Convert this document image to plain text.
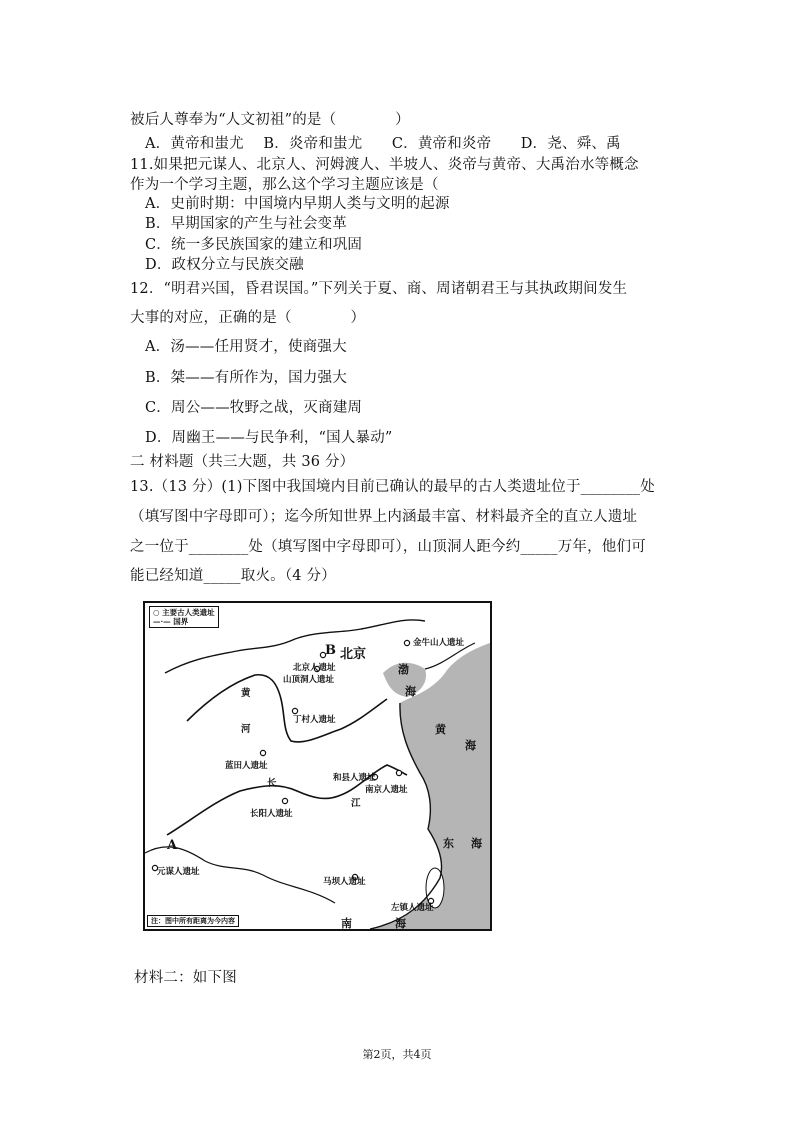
被后人尊奉为“人文初祖”的是（　　　　）
A．黄帝和蚩尤　 B．炎帝和蚩尤　　C．黄帝和炎帝　　D．尧、舜、禹
11.如果把元谋人、北京人、河姆渡人、半坡人、炎帝与黄帝、大禹治水等概念
作为一个学习主题，那么这个学习主题应该是（
A．史前时期：中国境内早期人类与文明的起源
B．早期国家的产生与社会变革
C．统一多民族国家的建立和巩固
D．政权分立与民族交融
12．“明君兴国，昏君误国。”下列关于夏、商、周诸朝君王与其执政期间发生
大事的对应，正确的是（　　　　）
A．汤——任用贤才，使商强大
B．桀——有所作为，国力强大
C．周公——牧野之战，灭商建周
D．周幽王——与民争利，“国人暴动”
二 材料题（共三大题，共 36 分）
13.（13 分）(1)下图中我国境内目前已确认的最早的古人类遗址位于________处
（填写图中字母即可）；迄今所知世界上内涵最丰富、材料最齐全的直立人遗址
之一位于________处（填写图中字母即可），山顶洞人距今约_____万年，他们可
能已经知道_____取火。（4 分）
○ 主要古人类遗址
—·— 国界
B 北京
A
金牛山人遗址
北京人遗址
山顶洞人遗址
丁村人遗址
蓝田人遗址
和县人遗址
南京人遗址
长阳人遗址
元谋人遗址
马坝人遗址
左镇人遗址
渤
海
黄
海
东 海
南	海
黄
河
长
江
注：图中所有距离为今内容
材料二：如下图
第2页，共4页
